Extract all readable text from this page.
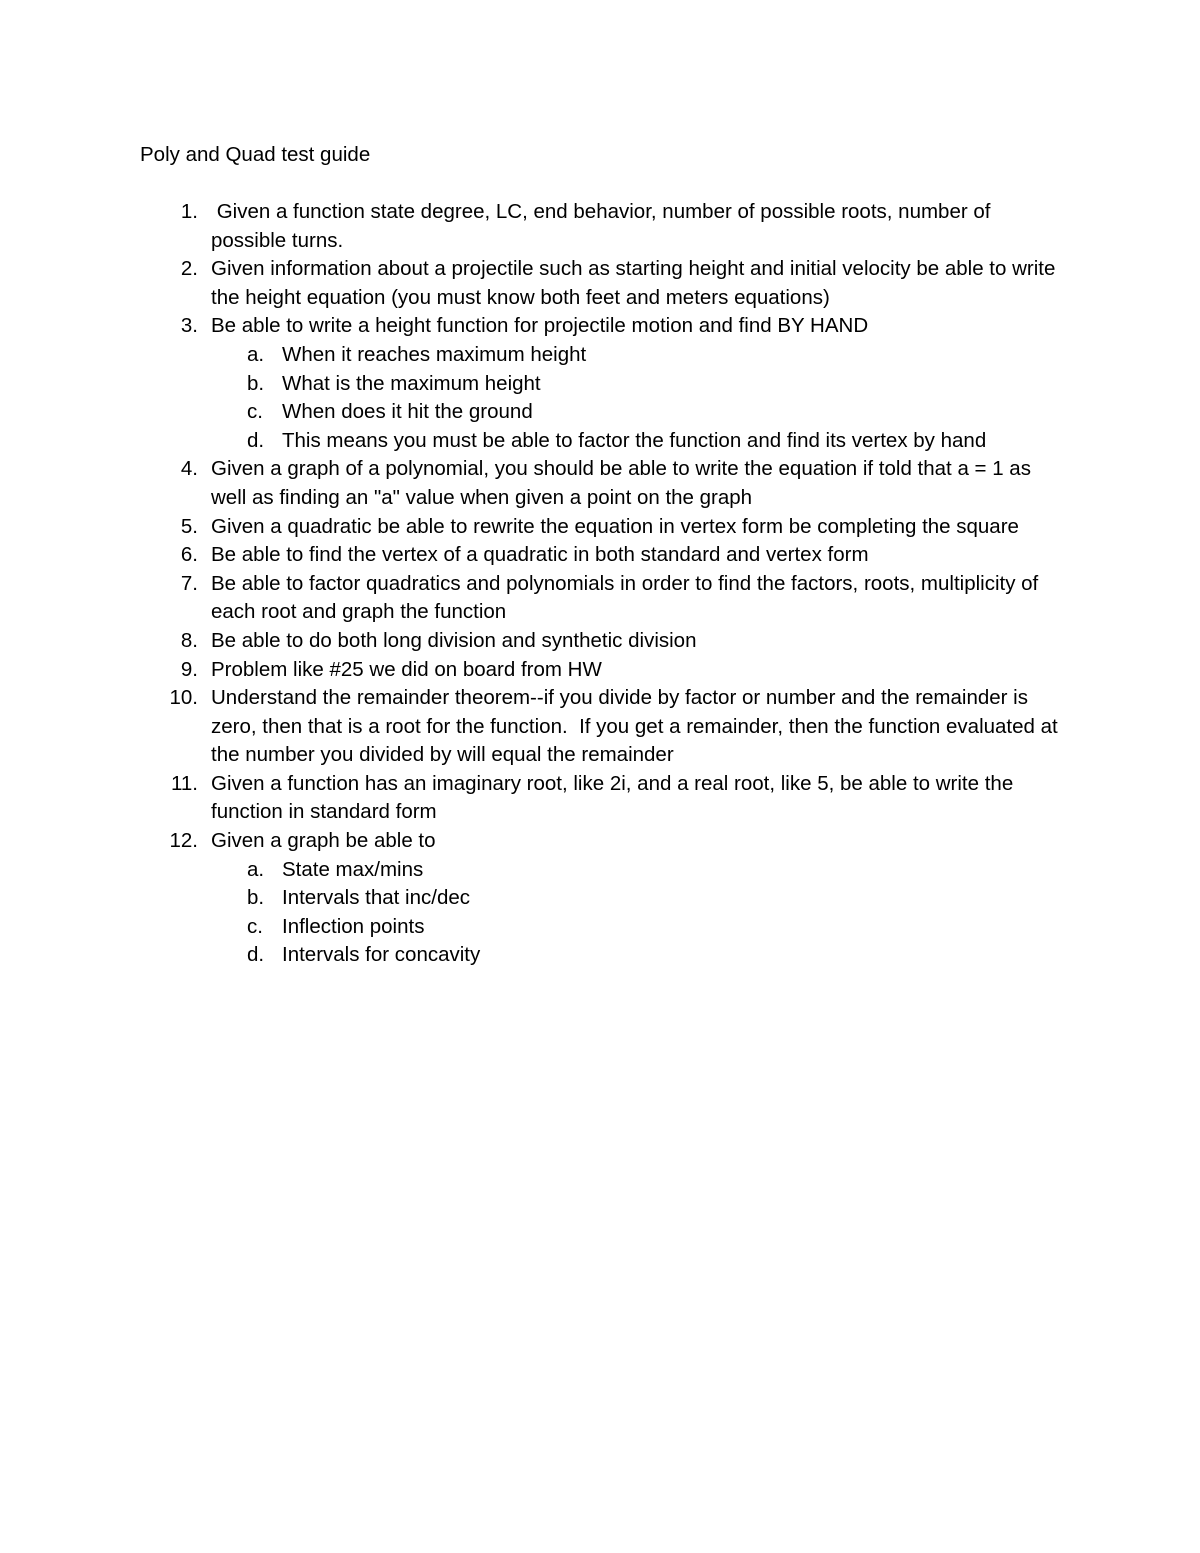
Poly and Quad test guide
1. Given a function state degree, LC, end behavior, number of possible roots, number of possible turns.
2. Given information about a projectile such as starting height and initial velocity be able to write the height equation (you must know both feet and meters equations)
3. Be able to write a height function for projectile motion and find BY HAND
a. When it reaches maximum height
b. What is the maximum height
c. When does it hit the ground
d. This means you must be able to factor the function and find its vertex by hand
4. Given a graph of a polynomial, you should be able to write the equation if told that a = 1 as well as finding an "a" value when given a point on the graph
5. Given a quadratic be able to rewrite the equation in vertex form be completing the square
6. Be able to find the vertex of a quadratic in both standard and vertex form
7. Be able to factor quadratics and polynomials in order to find the factors, roots, multiplicity of each root and graph the function
8. Be able to do both long division and synthetic division
9. Problem like #25 we did on board from HW
10. Understand the remainder theorem--if you divide by factor or number and the remainder is zero, then that is a root for the function.  If you get a remainder, then the function evaluated at the number you divided by will equal the remainder
11. Given a function has an imaginary root, like 2i, and a real root, like 5, be able to write the function in standard form
12. Given a graph be able to
a. State max/mins
b. Intervals that inc/dec
c. Inflection points
d. Intervals for concavity
